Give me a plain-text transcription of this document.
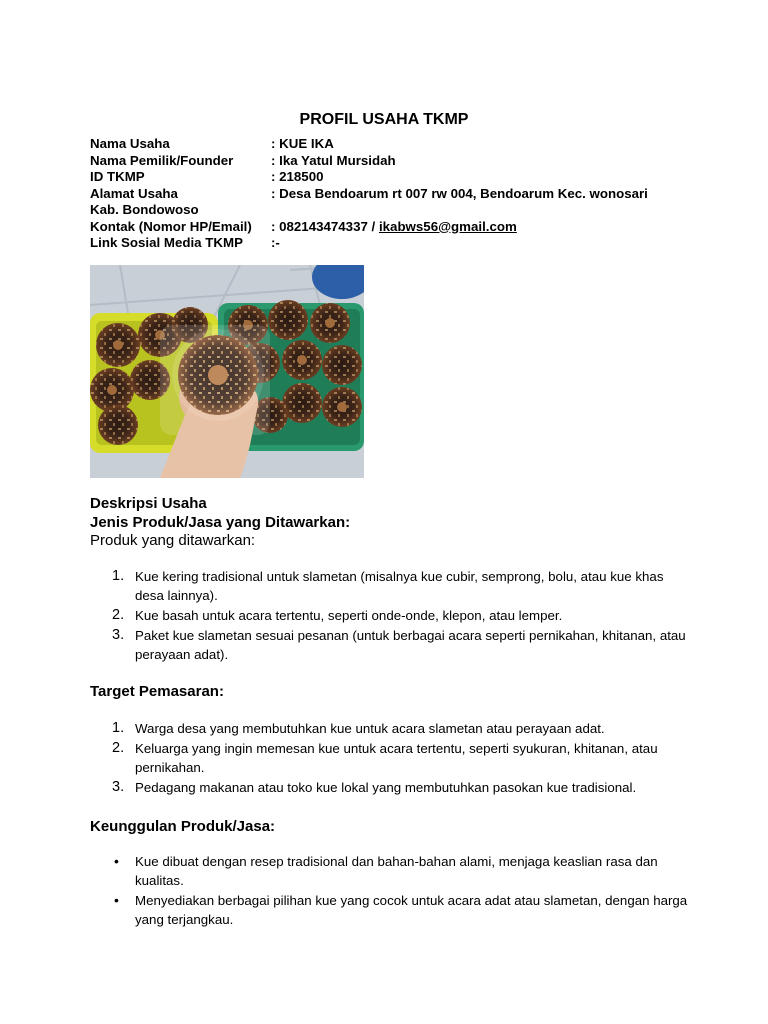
PROFIL USAHA TKMP
Nama Usaha	: KUE IKA
Nama Pemilik/Founder	: Ika Yatul Mursidah
ID TKMP	: 218500
Alamat Usaha	: Desa Bendoarum rt 007 rw 004, Bendoarum Kec. wonosari
Kab. Bondowoso
Kontak (Nomor HP/Email)	: 082143474337 / ikabws56@gmail.com
Link Sosial Media TKMP	:-
Deskripsi Usaha
Jenis Produk/Jasa yang Ditawarkan:
Produk yang ditawarkan:
1. Kue kering tradisional untuk slametan (misalnya kue cubir, semprong, bolu, atau kue khas desa lainnya).
2. Kue basah untuk acara tertentu, seperti onde-onde, klepon, atau lemper.
3. Paket kue slametan sesuai pesanan (untuk berbagai acara seperti pernikahan, khitanan, atau perayaan adat).
Target Pemasaran:
1. Warga desa yang membutuhkan kue untuk acara slametan atau perayaan adat.
2. Keluarga yang ingin memesan kue untuk acara tertentu, seperti syukuran, khitanan, atau pernikahan.
3. Pedagang makanan atau toko kue lokal yang membutuhkan pasokan kue tradisional.
Keunggulan Produk/Jasa:
• Kue dibuat dengan resep tradisional dan bahan-bahan alami, menjaga keaslian rasa dan kualitas.
• Menyediakan berbagai pilihan kue yang cocok untuk acara adat atau slametan, dengan harga yang terjangkau.
